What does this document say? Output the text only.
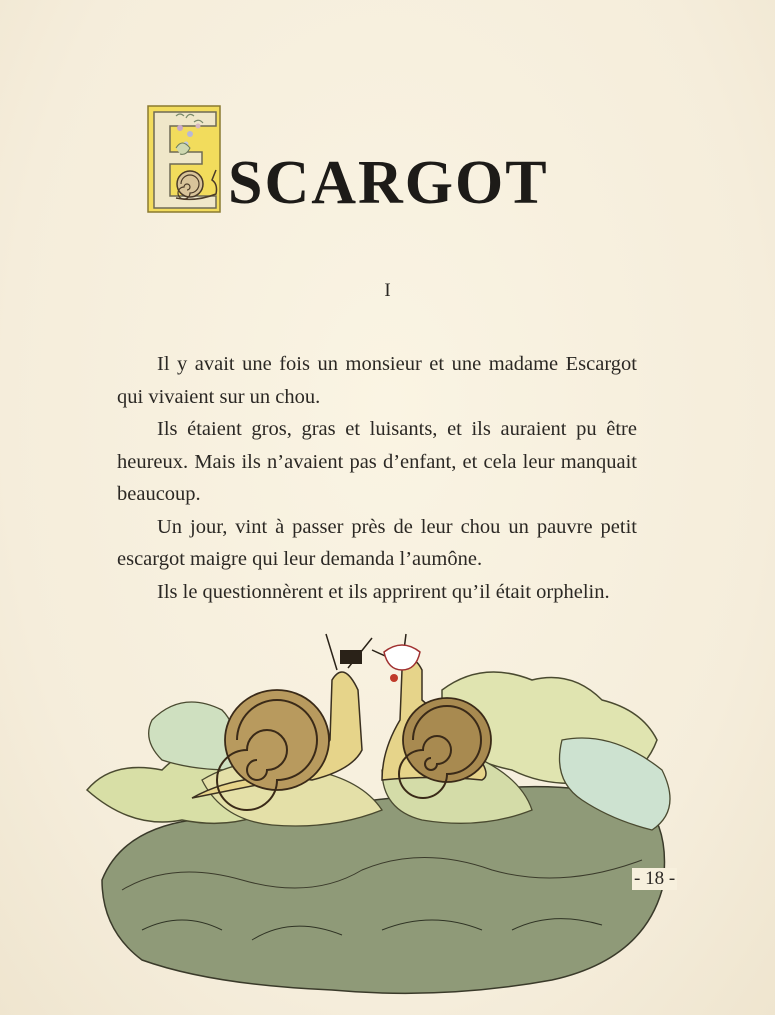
SCARGOT
I

Il y avait une fois un monsieur et une madame Escargot qui vivaient sur un chou.

Ils étaient gros, gras et luisants, et ils auraient pu être heureux. Mais ils n’avaient pas d’enfant, et cela leur manquait beaucoup.

Un jour, vint à passer près de leur chou un pauvre petit escargot maigre qui leur demanda l’aumône.

Ils le questionnèrent et ils apprirent qu’il était orphelin.

- 18 -
